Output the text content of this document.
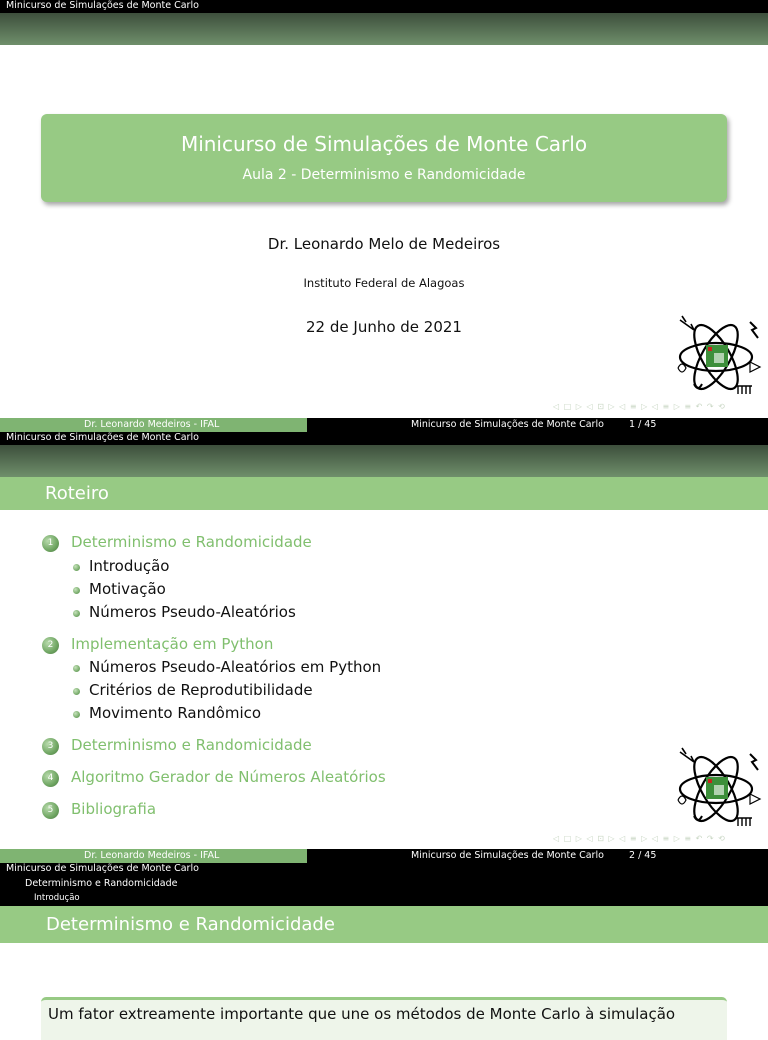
Minicurso de Simulações de Monte Carlo
Minicurso de Simulações de Monte Carlo
Aula 2 - Determinismo e Randomicidade
Dr. Leonardo Melo de Medeiros
Instituto Federal de Alagoas
22 de Junho de 2021
◁ □ ▷ ◁ ⊡ ▷ ◁ ≡ ▷ ◁ ≡ ▷ ≡ ↶ ↷ ⟲
Dr. Leonardo Medeiros - IFAL	Minicurso de Simulações de Monte Carlo	1 / 45
Minicurso de Simulações de Monte Carlo
Roteiro
1	Determinismo e Randomicidade
Introdução
Motivação
Números Pseudo-Aleatórios
2	Implementação em Python
Números Pseudo-Aleatórios em Python
Critérios de Reprodutibilidade
Movimento Randômico
3	Determinismo e Randomicidade
4	Algoritmo Gerador de Números Aleatórios
5	Bibliografia
◁ □ ▷ ◁ ⊡ ▷ ◁ ≡ ▷ ◁ ≡ ▷ ≡ ↶ ↷ ⟲
Dr. Leonardo Medeiros - IFAL	Minicurso de Simulações de Monte Carlo	2 / 45
Minicurso de Simulações de Monte Carlo
Determinismo e Randomicidade
Introdução
Determinismo e Randomicidade
Um fator extreamente importante que une os métodos de Monte Carlo à simulação
